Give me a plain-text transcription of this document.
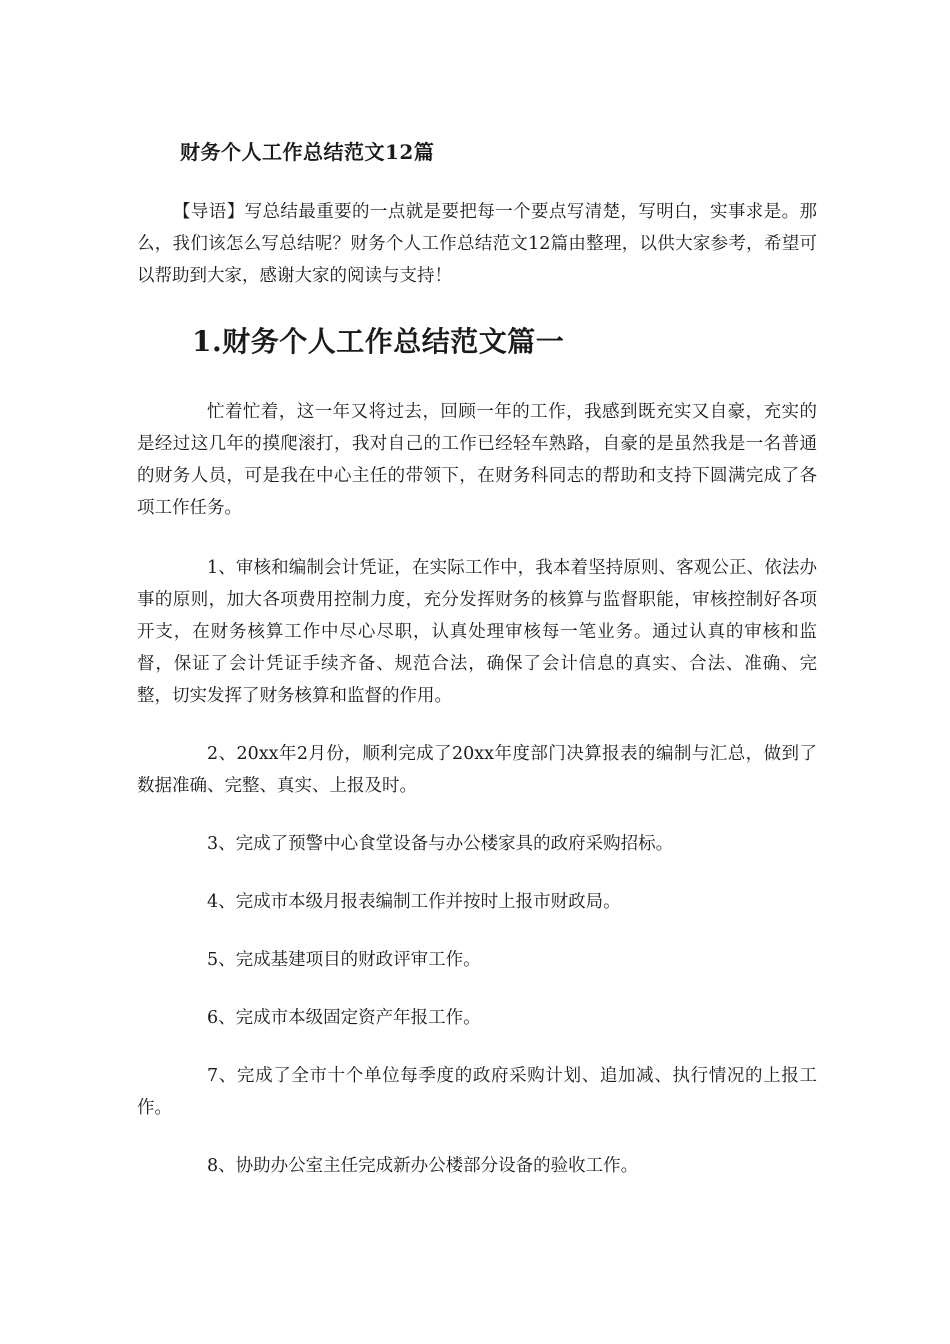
财务个人工作总结范文12篇

【导语】写总结最重要的一点就是要把每一个要点写清楚，写明白，实事求是。那么，我们该怎么写总结呢？财务个人工作总结范文12篇由整理，以供大家参考，希望可以帮助到大家，感谢大家的阅读与支持！

1.财务个人工作总结范文篇一

忙着忙着，这一年又将过去，回顾一年的工作，我感到既充实又自豪，充实的是经过这几年的摸爬滚打，我对自己的工作已经轻车熟路，自豪的是虽然我是一名普通的财务人员，可是我在中心主任的带领下，在财务科同志的帮助和支持下圆满完成了各项工作任务。

1、审核和编制会计凭证，在实际工作中，我本着坚持原则、客观公正、依法办事的原则，加大各项费用控制力度，充分发挥财务的核算与监督职能，审核控制好各项开支，在财务核算工作中尽心尽职，认真处理审核每一笔业务。通过认真的审核和监督，保证了会计凭证手续齐备、规范合法，确保了会计信息的真实、合法、准确、完整，切实发挥了财务核算和监督的作用。

2、20xx年2月份，顺利完成了20xx年度部门决算报表的编制与汇总，做到了数据准确、完整、真实、上报及时。

3、完成了预警中心食堂设备与办公楼家具的政府采购招标。

4、完成市本级月报表编制工作并按时上报市财政局。

5、完成基建项目的财政评审工作。

6、完成市本级固定资产年报工作。

7、完成了全市十个单位每季度的政府采购计划、追加减、执行情况的上报工作。

8、协助办公室主任完成新办公楼部分设备的验收工作。
